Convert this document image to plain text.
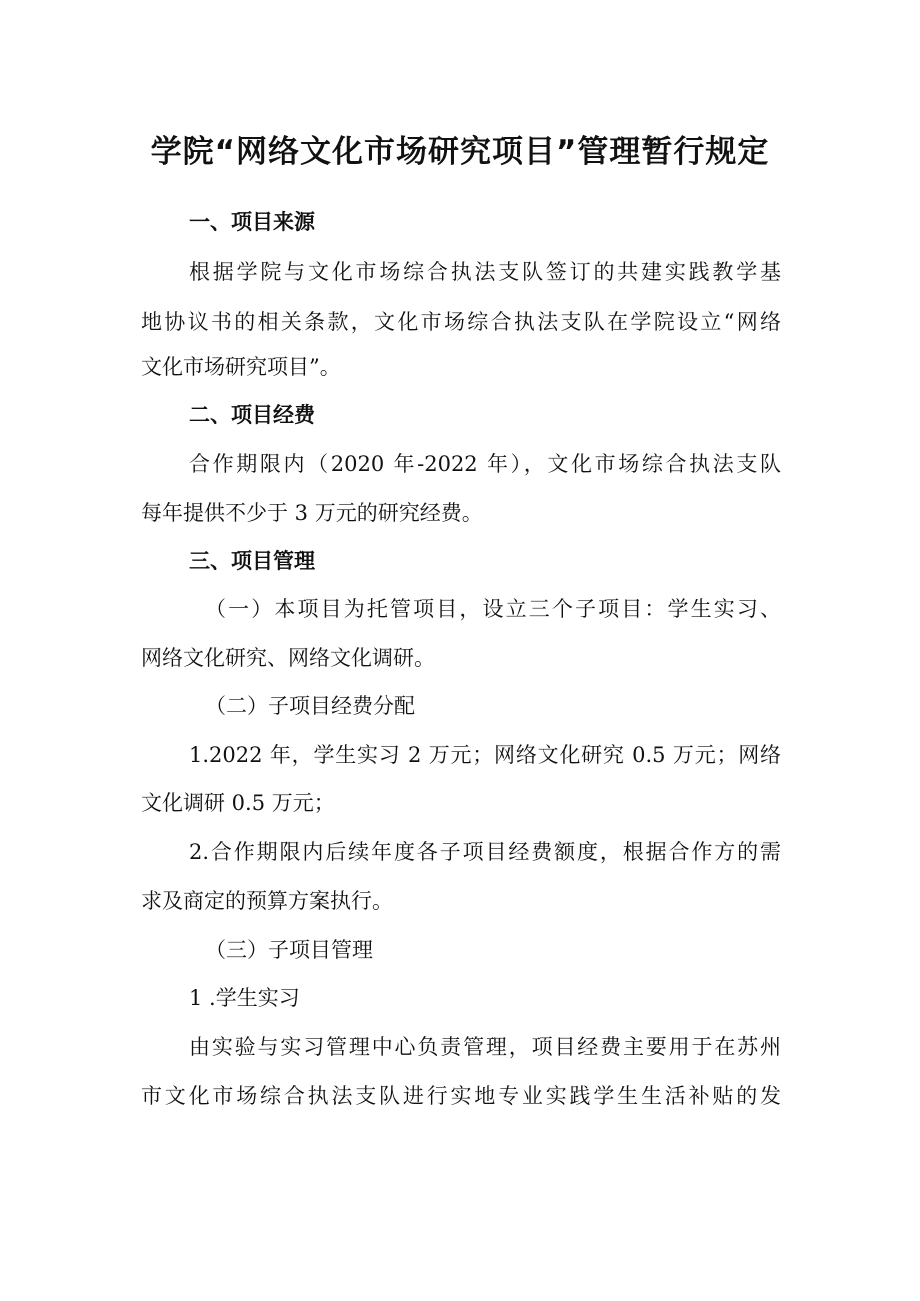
学院“网络文化市场研究项目”管理暂行规定
一、项目来源
根据学院与文化市场综合执法支队签订的共建实践教学基
地协议书的相关条款，文化市场综合执法支队在学院设立“网络
文化市场研究项目”。
二、项目经费
合作期限内（2020 年-2022 年），文化市场综合执法支队
每年提供不少于 3 万元的研究经费。
三、项目管理
（一）本项目为托管项目，设立三个子项目：学生实习、
网络文化研究、网络文化调研。
（二）子项目经费分配
1.2022 年，学生实习 2 万元；网络文化研究 0.5 万元；网络
文化调研 0.5 万元；
2.合作期限内后续年度各子项目经费额度，根据合作方的需
求及商定的预算方案执行。
（三）子项目管理
1 .学生实习
由实验与实习管理中心负责管理，项目经费主要用于在苏州
市文化市场综合执法支队进行实地专业实践学生生活补贴的发
